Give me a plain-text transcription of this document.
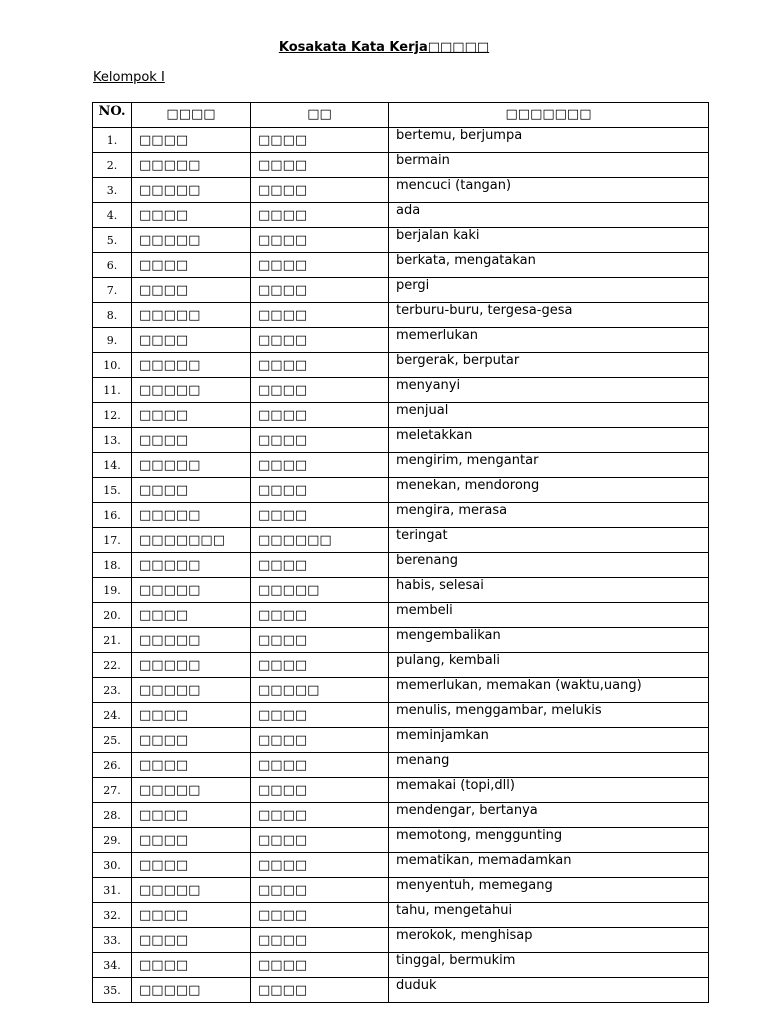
Kosakata Kata Kerja□□□□□
Kelompok I
NO.	□□□□	□□	□□□□□□□
1.	□□□□	□□□□	bertemu, berjumpa
2.	□□□□□	□□□□	bermain
3.	□□□□□	□□□□	mencuci (tangan)
4.	□□□□	□□□□	ada
5.	□□□□□	□□□□	berjalan kaki
6.	□□□□	□□□□	berkata, mengatakan
7.	□□□□	□□□□	pergi
8.	□□□□□	□□□□	terburu-buru, tergesa-gesa
9.	□□□□	□□□□	memerlukan
10.	□□□□□	□□□□	bergerak, berputar
11.	□□□□□	□□□□	menyanyi
12.	□□□□	□□□□	menjual
13.	□□□□	□□□□	meletakkan
14.	□□□□□	□□□□	mengirim, mengantar
15.	□□□□	□□□□	menekan, mendorong
16.	□□□□□	□□□□	mengira, merasa
17.	□□□□□□□	□□□□□□	teringat
18.	□□□□□	□□□□	berenang
19.	□□□□□	□□□□□	habis, selesai
20.	□□□□	□□□□	membeli
21.	□□□□□	□□□□	mengembalikan
22.	□□□□□	□□□□	pulang, kembali
23.	□□□□□	□□□□□	memerlukan, memakan (waktu,uang)
24.	□□□□	□□□□	menulis, menggambar, melukis
25.	□□□□	□□□□	meminjamkan
26.	□□□□	□□□□	menang
27.	□□□□□	□□□□	memakai (topi,dll)
28.	□□□□	□□□□	mendengar, bertanya
29.	□□□□	□□□□	memotong, menggunting
30.	□□□□	□□□□	mematikan, memadamkan
31.	□□□□□	□□□□	menyentuh, memegang
32.	□□□□	□□□□	tahu, mengetahui
33.	□□□□	□□□□	merokok, menghisap
34.	□□□□	□□□□	tinggal, bermukim
35.	□□□□□	□□□□	duduk
